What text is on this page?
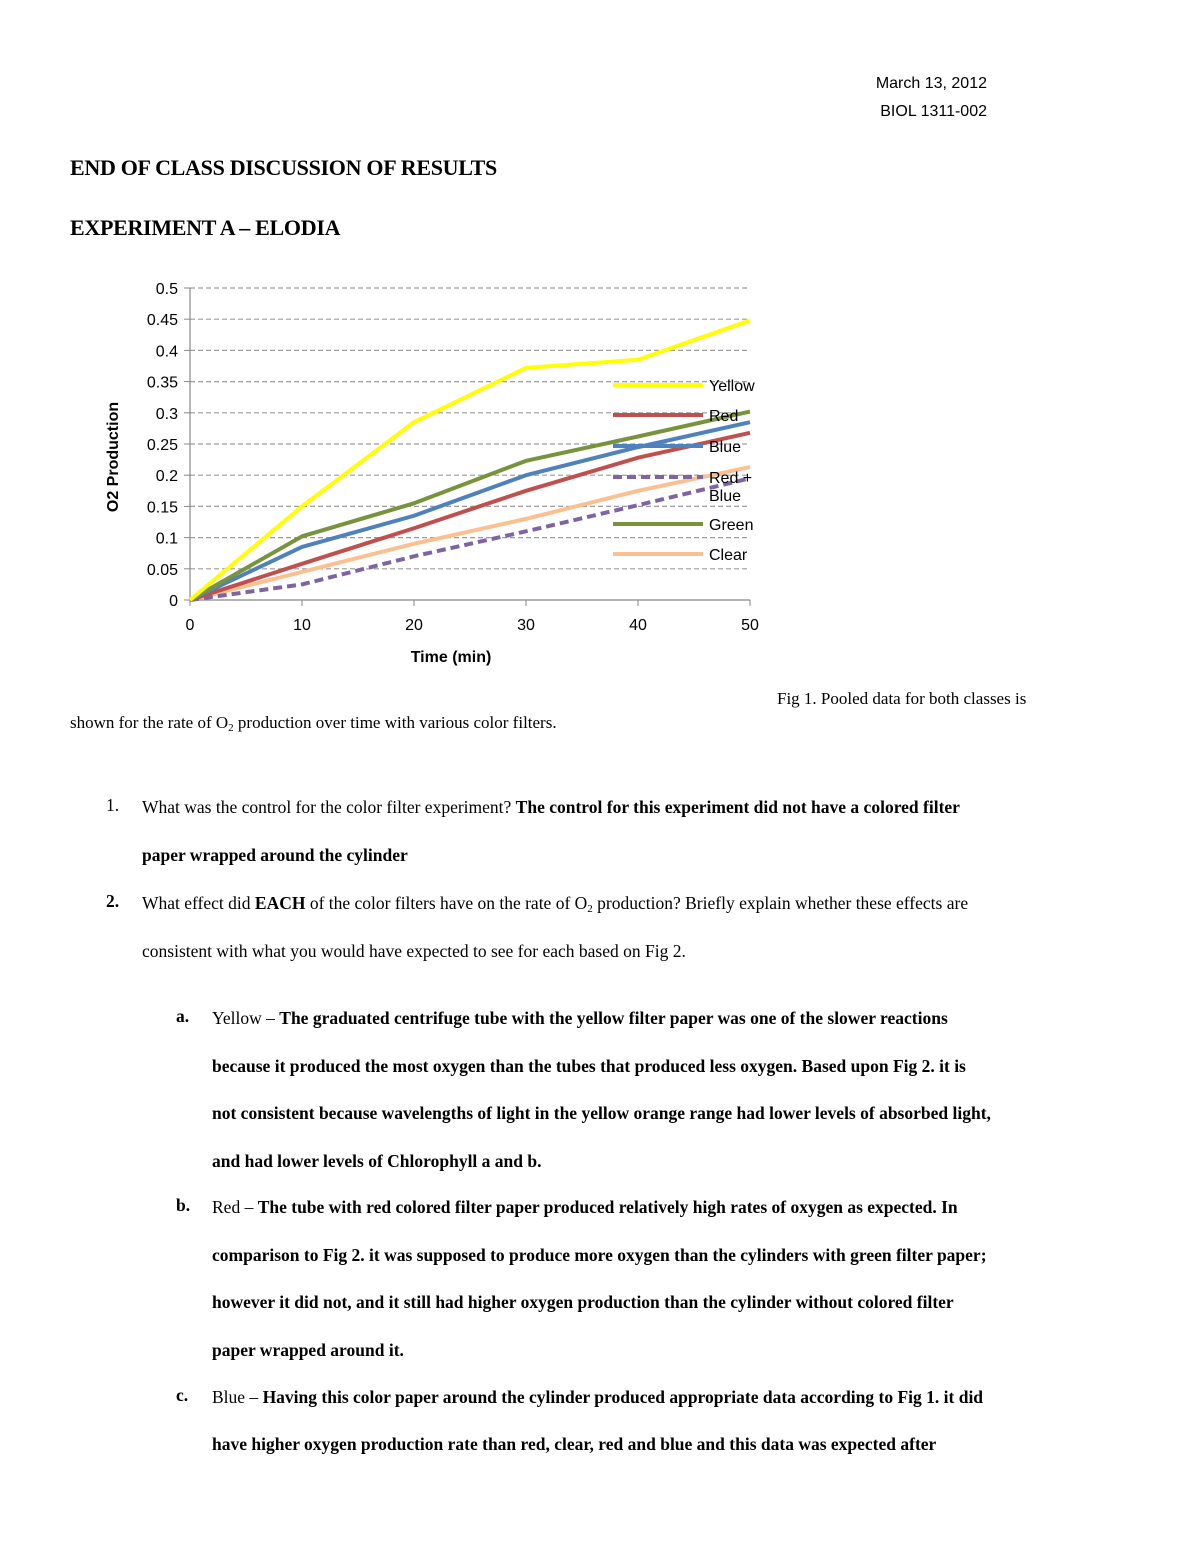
March 13, 2012
BIOL 1311-002
END OF CLASS DISCUSSION OF RESULTS
EXPERIMENT A – ELODIA
0
0.05
0.1
0.15
0.2
0.25
0.3
0.35
0.4
0.45
0.5
0	10	20	30	40	50
Yellow
Red
Blue
Red +
Blue
Green
Clear
O2 Production
Time (min)
Fig 1. Pooled data for both classes is
shown for the rate of $O_2$ production over time with various color filters.
1. What was the control for the color filter experiment? The control for this experiment did not have a colored filter
paper wrapped around the cylinder
2. What effect did EACH of the color filters have on the rate of $O_2$ production? Briefly explain whether these effects are
consistent with what you would have expected to see for each based on Fig 2.
a. Yellow – The graduated centrifuge tube with the yellow filter paper was one of the slower reactions
because it produced the most oxygen than the tubes that produced less oxygen. Based upon Fig 2. it is
not consistent because wavelengths of light in the yellow orange range had lower levels of absorbed light,
and had lower levels of Chlorophyll a and b.
b. Red – The tube with red colored filter paper produced relatively high rates of oxygen as expected. In
comparison to Fig 2. it was supposed to produce more oxygen than the cylinders with green filter paper;
however it did not, and it still had higher oxygen production than the cylinder without colored filter
paper wrapped around it.
c. Blue – Having this color paper around the cylinder produced appropriate data according to Fig 1. it did
have higher oxygen production rate than red, clear, red and blue and this data was expected after
